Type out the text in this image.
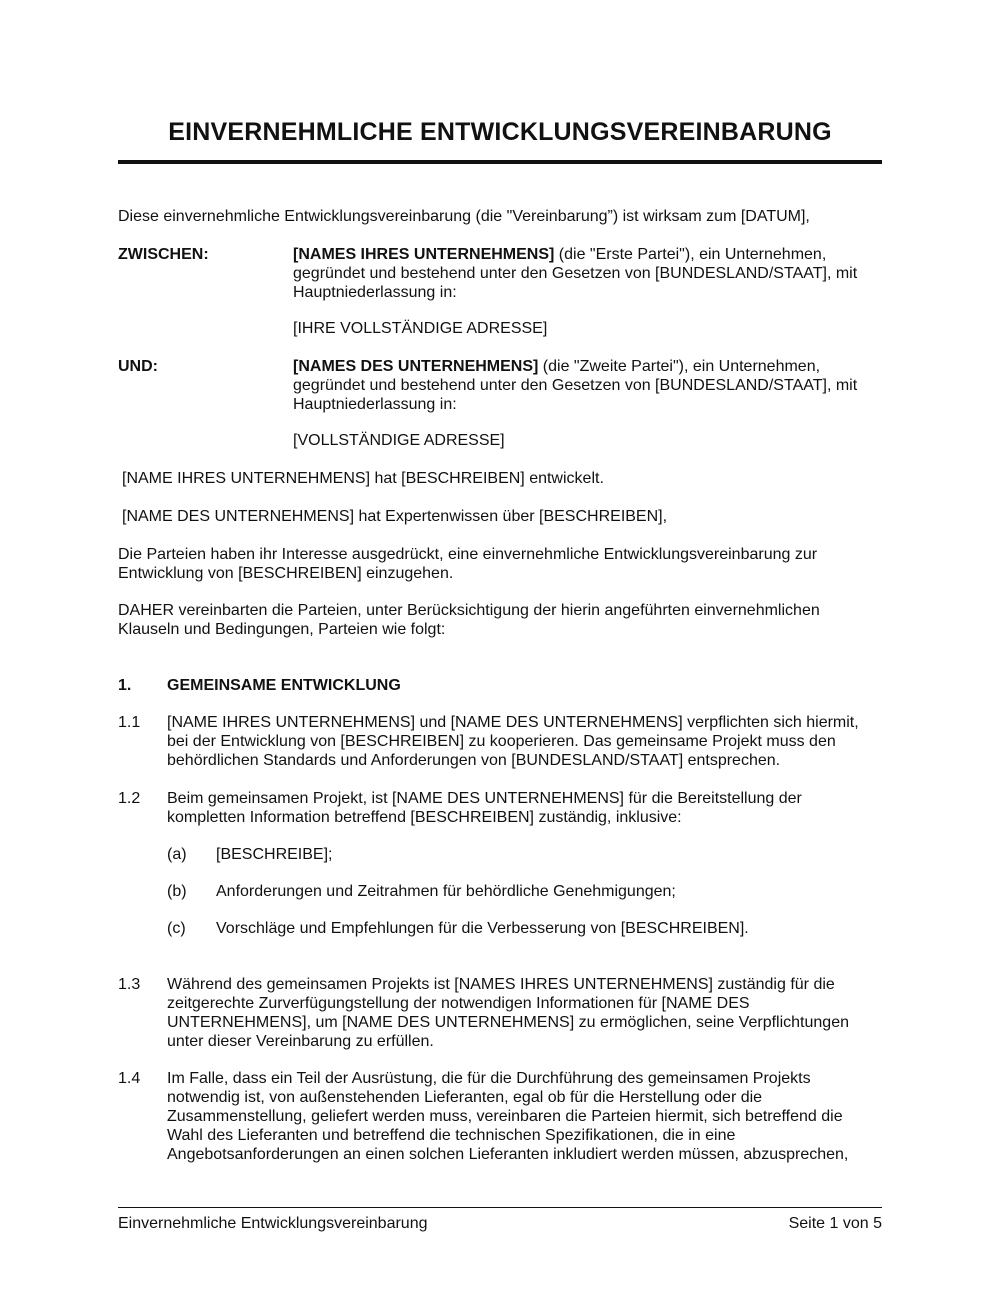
EINVERNEHMLICHE ENTWICKLUNGSVEREINBARUNG
Diese einvernehmliche Entwicklungsvereinbarung (die "Vereinbarung”) ist wirksam zum [DATUM],
ZWISCHEN:	[NAMES IHRES UNTERNEHMENS] (die "Erste Partei"), ein Unternehmen,
gegründet und bestehend unter den Gesetzen von [BUNDESLAND/STAAT], mit
Hauptniederlassung in:
[IHRE VOLLSTÄNDIGE ADRESSE]
UND:	[NAMES DES UNTERNEHMENS] (die "Zweite Partei"), ein Unternehmen,
gegründet und bestehend unter den Gesetzen von [BUNDESLAND/STAAT], mit
Hauptniederlassung in:
[VOLLSTÄNDIGE ADRESSE]
[NAME IHRES UNTERNEHMENS] hat [BESCHREIBEN] entwickelt.
[NAME DES UNTERNEHMENS] hat Expertenwissen über [BESCHREIBEN],
Die Parteien haben ihr Interesse ausgedrückt, eine einvernehmliche Entwicklungsvereinbarung zur
Entwicklung von [BESCHREIBEN] einzugehen.
DAHER vereinbarten die Parteien, unter Berücksichtigung der hierin angeführten einvernehmlichen
Klauseln und Bedingungen, Parteien wie folgt:
1. GEMEINSAME ENTWICKLUNG
1.1 [NAME IHRES UNTERNEHMENS] und [NAME DES UNTERNEHMENS] verpflichten sich hiermit,
bei der Entwicklung von [BESCHREIBEN] zu kooperieren. Das gemeinsame Projekt muss den
behördlichen Standards und Anforderungen von [BUNDESLAND/STAAT] entsprechen.
1.2 Beim gemeinsamen Projekt, ist [NAME DES UNTERNEHMENS] für die Bereitstellung der
kompletten Information betreffend [BESCHREIBEN] zuständig, inklusive:
(a) [BESCHREIBE];
(b) Anforderungen und Zeitrahmen für behördliche Genehmigungen;
(c) Vorschläge und Empfehlungen für die Verbesserung von [BESCHREIBEN].
1.3 Während des gemeinsamen Projekts ist [NAMES IHRES UNTERNEHMENS] zuständig für die
zeitgerechte Zurverfügungstellung der notwendigen Informationen für [NAME DES
UNTERNEHMENS], um [NAME DES UNTERNEHMENS] zu ermöglichen, seine Verpflichtungen
unter dieser Vereinbarung zu erfüllen.
1.4 Im Falle, dass ein Teil der Ausrüstung, die für die Durchführung des gemeinsamen Projekts
notwendig ist, von außenstehenden Lieferanten, egal ob für die Herstellung oder die
Zusammenstellung, geliefert werden muss, vereinbaren die Parteien hiermit, sich betreffend die
Wahl des Lieferanten und betreffend die technischen Spezifikationen, die in eine
Angebotsanforderungen an einen solchen Lieferanten inkludiert werden müssen, abzusprechen,
Einvernehmliche Entwicklungsvereinbarung	Seite 1 von 5
